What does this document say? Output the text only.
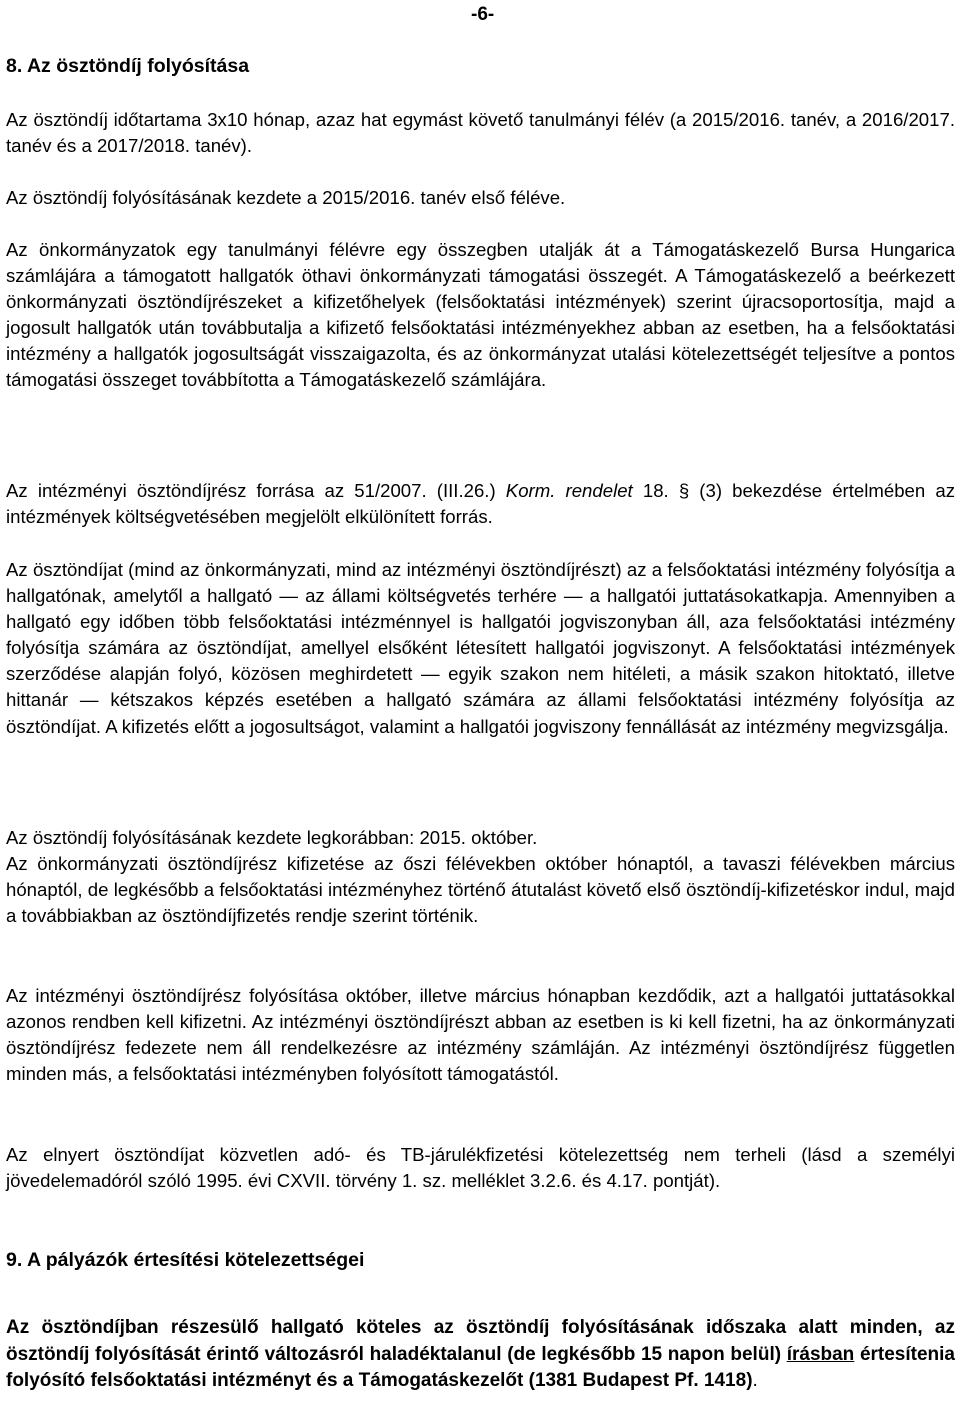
-6-
8. Az ösztöndíj folyósítása

Az ösztöndíj időtartama 3x10 hónap, azaz hat egymást követő tanulmányi félév (a 2015/2016. tanév, a 2016/2017. tanév és a 2017/2018. tanév).

Az ösztöndíj folyósításának kezdete a 2015/2016. tanév első féléve.

Az önkormányzatok egy tanulmányi félévre egy összegben utalják át a Támogatáskezelő Bursa Hungarica számlájára a támogatott hallgatók öthavi önkormányzati támogatási összegét. A Támogatáskezelő a beérkezett önkormányzati ösztöndíjrészeket a kifizetőhelyek (felsőoktatási intézmények) szerint újracsoportosítja, majd a jogosult hallgatók után továbbutalja a kifizető felsőoktatási intézményekhez abban az esetben, ha a felsőoktatási intézmény a hallgatók jogosultságát visszaigazolta, és az önkormányzat utalási kötelezettségét teljesítve a pontos támogatási összeget továbbította a Támogatáskezelő számlájára.

Az intézményi ösztöndíjrész forrása az 51/2007. (III.26.) Korm. rendelet 18. § (3) bekezdése értelmében az intézmények költségvetésében megjelölt elkülönített forrás.

Az ösztöndíjat (mind az önkormányzati, mind az intézményi ösztöndíjrészt) az a felsőoktatási intézmény folyósítja a hallgatónak, amelytől a hallgató — az állami költségvetés terhére — a hallgatói juttatásokatkapja. Amennyiben a hallgató egy időben több felsőoktatási intézménnyel is hallgatói jogviszonyban áll, aza felsőoktatási intézmény folyósítja számára az ösztöndíjat, amellyel elsőként létesített hallgatói jogviszonyt. A felsőoktatási intézmények szerződése alapján folyó, közösen meghirdetett — egyik szakon nem hitéleti, a másik szakon hitoktató, illetve hittanár — kétszakos képzés esetében a hallgató számára az állami felsőoktatási intézmény folyósítja az ösztöndíjat. A kifizetés előtt a jogosultságot, valamint a hallgatói jogviszony fennállását az intézmény megvizsgálja.

Az ösztöndíj folyósításának kezdete legkorábban: 2015. október.

Az önkormányzati ösztöndíjrész kifizetése az őszi félévekben október hónaptól, a tavaszi félévekben március hónaptól, de legkésőbb a felsőoktatási intézményhez történő átutalást követő első ösztöndíj-kifizetéskor indul, majd a továbbiakban az ösztöndíjfizetés rendje szerint történik.

Az intézményi ösztöndíjrész folyósítása október, illetve március hónapban kezdődik, azt a hallgatói juttatásokkal azonos rendben kell kifizetni. Az intézményi ösztöndíjrészt abban az esetben is ki kell fizetni, ha az önkormányzati ösztöndíjrész fedezete nem áll rendelkezésre az intézmény számláján. Az intézményi ösztöndíjrész független minden más, a felsőoktatási intézményben folyósított támogatástól.

Az elnyert ösztöndíjat közvetlen adó- és TB-járulékfizetési kötelezettség nem terheli (lásd a személyi jövedelemadóról szóló 1995. évi CXVII. törvény 1. sz. melléklet 3.2.6. és 4.17. pontját).

9. A pályázók értesítési kötelezettségei

Az ösztöndíjban részesülő hallgató köteles az ösztöndíj folyósításának időszaka alatt minden, az ösztöndíj folyósítását érintő változásról haladéktalanul (de legkésőbb 15 napon belül) írásban értesítenia folyósító felsőoktatási intézményt és a Támogatáskezelőt (1381 Budapest Pf. 1418).
